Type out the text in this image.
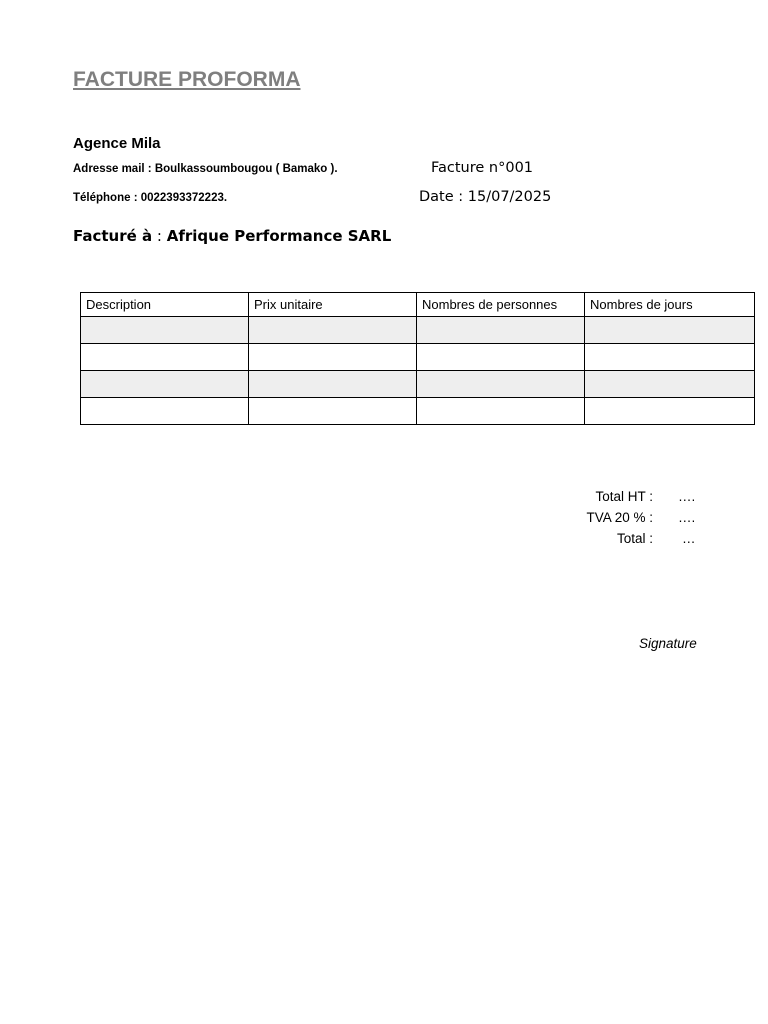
FACTURE PROFORMA
Agence Mila
Adresse mail : Boulkassoumbougou ( Bamako ).
Téléphone : 0022393372223.
Facture n°001
Date : 15/07/2025
Facturé à : Afrique Performance SARL
Description	Prix unitaire	Nombres de personnes	Nombres de jours

Total HT : ….
TVA 20 % : ….
Total : …
Signature
